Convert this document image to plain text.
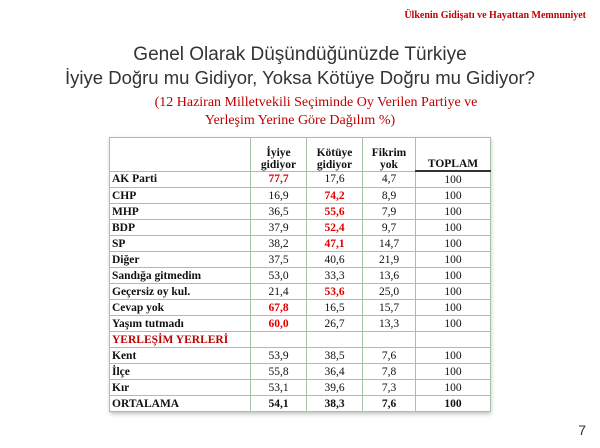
Ülkenin Gidişatı ve Hayattan Memnuniyet
Genel Olarak Düşündüğünüzde Türkiye
İyiye Doğru mu Gidiyor, Yoksa Kötüye Doğru mu Gidiyor?
(12 Haziran Milletvekili Seçiminde Oy Verilen Partiye ve
Yerleşim Yerine Göre Dağılım %)
	İyiye gidiyor	Kötüye gidiyor	Fikrim yok	TOPLAM
AK Parti	77,7	17,6	4,7	100
CHP	16,9	74,2	8,9	100
MHP	36,5	55,6	7,9	100
BDP	37,9	52,4	9,7	100
SP	38,2	47,1	14,7	100
Diğer	37,5	40,6	21,9	100
Sandığa gitmedim	53,0	33,3	13,6	100
Geçersiz oy kul.	21,4	53,6	25,0	100
Cevap yok	67,8	16,5	15,7	100
Yaşım tutmadı	60,0	26,7	13,3	100
YERLEŞİM YERLERİ				
Kent	53,9	38,5	7,6	100
İlçe	55,8	36,4	7,8	100
Kır	53,1	39,6	7,3	100
ORTALAMA	54,1	38,3	7,6	100
7
